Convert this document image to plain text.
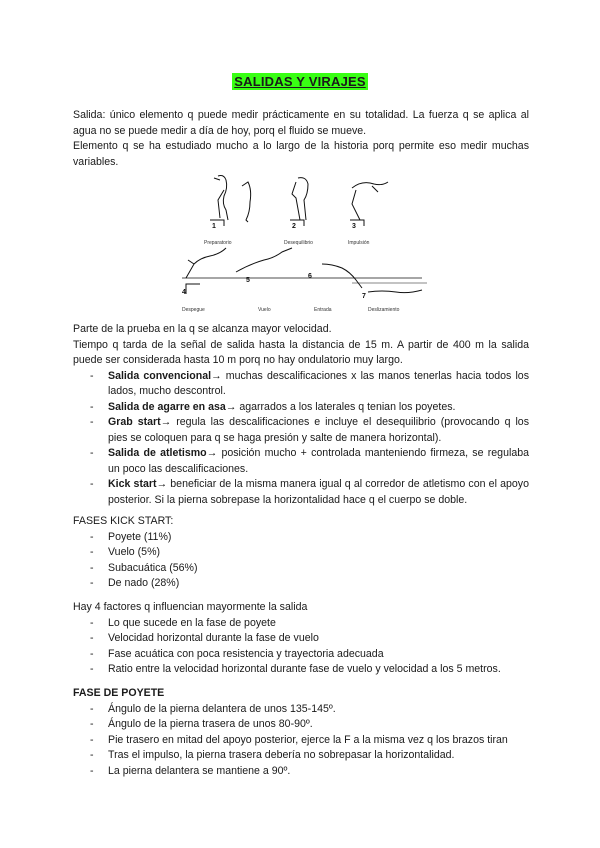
SALIDAS Y VIRAJES

Salida: único elemento q puede medir prácticamente en su totalidad. La fuerza q se aplica al agua no se puede medir a día de hoy, porq el fluido se mueve.

Elemento q se ha estudiado mucho a lo largo de la historia porq permite eso medir muchas variables.

1	2	3
4
5
6
7
Preparatorio	Desequilibrio	Impulsión
Despegue	Vuelo	Entrada	Deslizamiento

Parte de la prueba en la q se alcanza mayor velocidad.

Tiempo q tarda de la señal de salida hasta la distancia de 15 m. A partir de 400 m la salida puede ser considerada hasta 10 m porq no hay ondulatorio muy largo.

- Salida convencional→ muchas descalificaciones x las manos tenerlas hacia todos los lados, mucho descontrol.
- Salida de agarre en asa→ agarrados a los laterales q tenian los poyetes.
- Grab start→ regula las descalificaciones e incluye el desequilibrio (provocando q los pies se coloquen para q se haga presión y salte de manera horizontal).
- Salida de atletismo→ posición mucho + controlada manteniendo firmeza, se regulaba un poco las descalificaciones.
- Kick start→ beneficiar de la misma manera igual q al corredor de atletismo con el apoyo posterior. Si la pierna sobrepase la horizontalidad hace q el cuerpo se doble.

FASES KICK START:

- Poyete (11%)
- Vuelo (5%)
- Subacuática (56%)
- De nado (28%)

Hay 4 factores q influencian mayormente la salida

- Lo que sucede en la fase de poyete
- Velocidad horizontal durante la fase de vuelo
- Fase acuática con poca resistencia y trayectoria adecuada
- Ratio entre la velocidad horizontal durante fase de vuelo y velocidad a los 5 metros.

FASE DE POYETE

- Ángulo de la pierna delantera de unos 135-145º.
- Ángulo de la pierna trasera de unos 80-90º.
- Pie trasero en mitad del apoyo posterior, ejerce la F a la misma vez q los brazos tiran
- Tras el impulso, la pierna trasera debería no sobrepasar la horizontalidad.
- La pierna delantera se mantiene a 90º.
